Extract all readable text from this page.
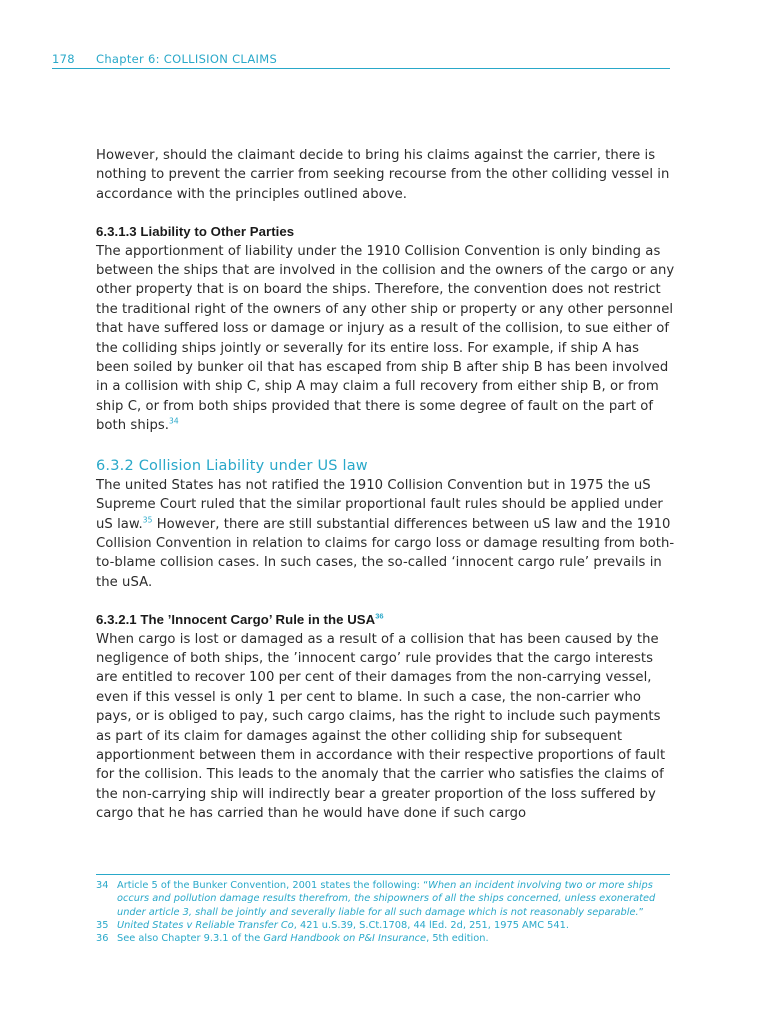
178 Chapter 6: COLLISION CLAIMS

However, should the claimant decide to bring his claims against the carrier, there is nothing to prevent the carrier from seeking recourse from the other colliding vessel in accordance with the principles outlined above.

6.3.1.3 Liability to Other Parties

The apportionment of liability under the 1910 Collision Convention is only binding as between the ships that are involved in the collision and the owners of the cargo or any other property that is on board the ships. Therefore, the convention does not restrict the traditional right of the owners of any other ship or property or any other personnel that have suffered loss or damage or injury as a result of the collision, to sue either of the colliding ships jointly or severally for its entire loss. For example, if ship A has been soiled by bunker oil that has escaped from ship B after ship B has been involved in a collision with ship C, ship A may claim a full recovery from either ship B, or from ship C, or from both ships provided that there is some degree of fault on the part of both ships.$^{34}$

6.3.2 Collision Liability under US law

The united States has not ratified the 1910 Collision Convention but in 1975 the uS Supreme Court ruled that the similar proportional fault rules should be applied under uS law.$^{35}$ However, there are still substantial differences between uS law and the 1910 Collision Convention in relation to claims for cargo loss or damage resulting from both-to-blame collision cases. In such cases, the so-called ‘innocent cargo rule’ prevails in the uSA.

6.3.2.1 The ’Innocent Cargo’ Rule in the USA$^{36}$

When cargo is lost or damaged as a result of a collision that has been caused by the negligence of both ships, the ’innocent cargo’ rule provides that the cargo interests are entitled to recover 100 per cent of their damages from the non-carrying vessel, even if this vessel is only 1 per cent to blame. In such a case, the non-carrier who pays, or is obliged to pay, such cargo claims, has the right to include such payments as part of its claim for damages against the other colliding ship for subsequent apportionment between them in accordance with their respective proportions of fault for the collision. This leads to the anomaly that the carrier who satisfies the claims of the non-carrying ship will indirectly bear a greater proportion of the loss suffered by cargo that he has carried than he would have done if such cargo

34 Article 5 of the Bunker Convention, 2001 states the following: “When an incident involving two or more ships occurs and pollution damage results therefrom, the shipowners of all the ships concerned, unless exonerated under article 3, shall be jointly and severally liable for all such damage which is not reasonably separable.”
35 United States v Reliable Transfer Co, 421 u.S.39, S.Ct.1708, 44 lEd. 2d, 251, 1975 AMC 541.
36 See also Chapter 9.3.1 of the Gard Handbook on P&I Insurance, 5th edition.
